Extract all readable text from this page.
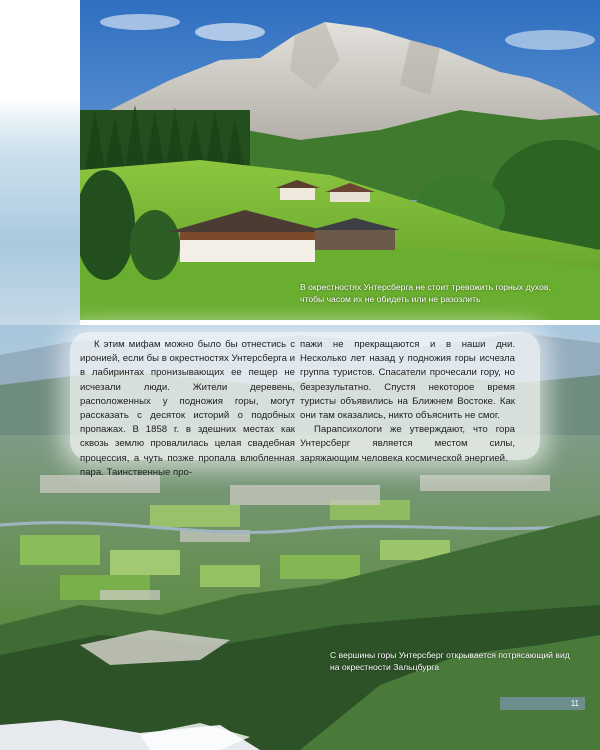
В окрестностях Унтерсберга не стоит тревожить горных духов, чтобы часом их не обидеть или не разозлить

К этим мифам можно было бы отнестись с иронией, если бы в окрестностях Унтерсберга и в лабиринтах пронизывающих ее пещер не исчезали люди. Жители деревень, расположенных у подножия горы, могут рассказать с десяток историй о подобных пропажах. В 1858 г. в здешних местах как сквозь землю провалилась целая свадебная процессия, а чуть позже пропала влюбленная пара. Таинственные про-

пажи не прекращаются и в наши дни. Несколько лет назад у подножия горы исчезла группа туристов. Спасатели прочесали гору, но безрезультатно. Спустя некоторое время туристы объявились на Ближнем Востоке. Как они там оказались, никто объяснить не смог.

Парапсихологи же утверждают, что гора Унтерсберг является местом силы, заряжающим человека космической энергией.

С вершины горы Унтерсберг открывается потрясающий вид на окрестности Зальцбурга
11
